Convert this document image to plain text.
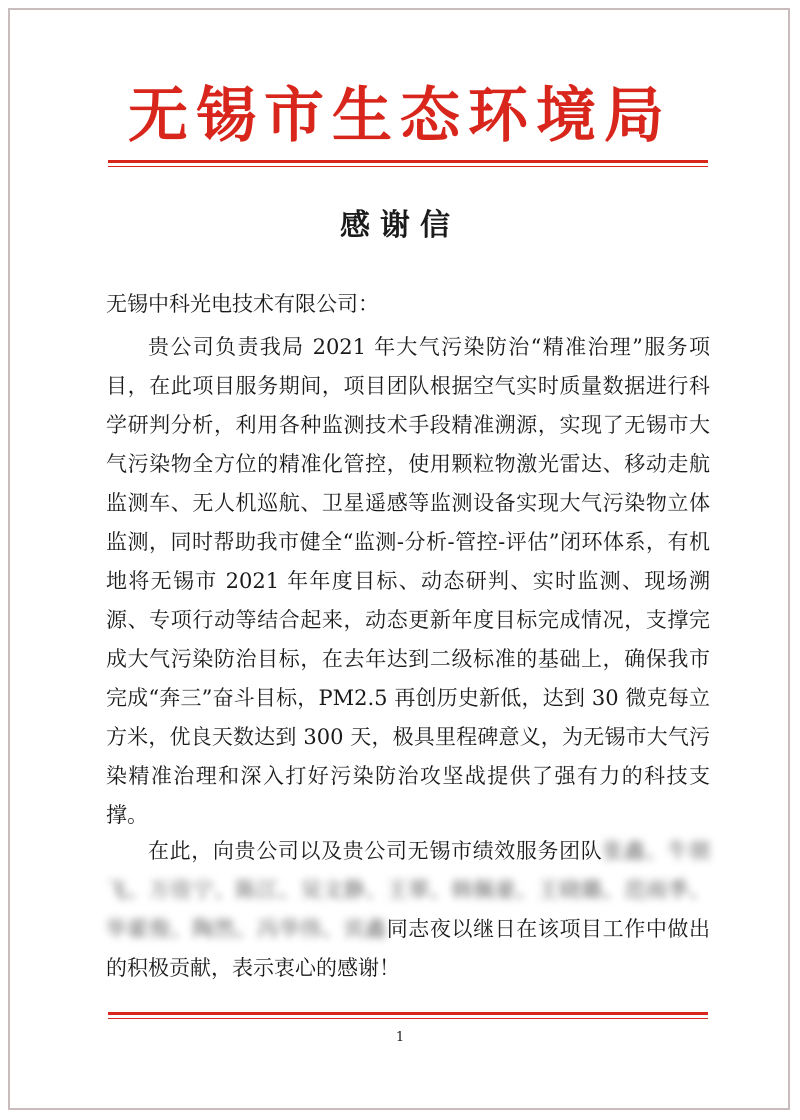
无锡市生态环境局
感谢信
无锡中科光电技术有限公司：

贵公司负责我局 2021 年大气污染防治“精准治理”服务项目，在此项目服务期间，项目团队根据空气实时质量数据进行科学研判分析，利用各种监测技术手段精准溯源，实现了无锡市大气污染物全方位的精准化管控，使用颗粒物激光雷达、移动走航监测车、无人机巡航、卫星遥感等监测设备实现大气污染物立体监测，同时帮助我市健全“监测-分析-管控-评估”闭环体系，有机地将无锡市 2021 年年度目标、动态研判、实时监测、现场溯源、专项行动等结合起来，动态更新年度目标完成情况，支撑完成大气污染防治目标，在去年达到二级标准的基础上，确保我市完成“奔三”奋斗目标，PM2.5 再创历史新低，达到 30 微克每立方米，优良天数达到 300 天，极具里程碑意义，为无锡市大气污染精准治理和深入打好污染防治攻坚战提供了强有力的科技支撑。

在此，向贵公司以及贵公司无锡市绩效服务团队张鑫、牛朋飞、万佳宁、陈江、吴文静、王翠、韩佩豪、王晓璐、范雨季、毕霍俊、陶然、冯华伟、宾鑫同志夜以继日在该项目工作中做出的积极贡献，表示衷心的感谢！

1
